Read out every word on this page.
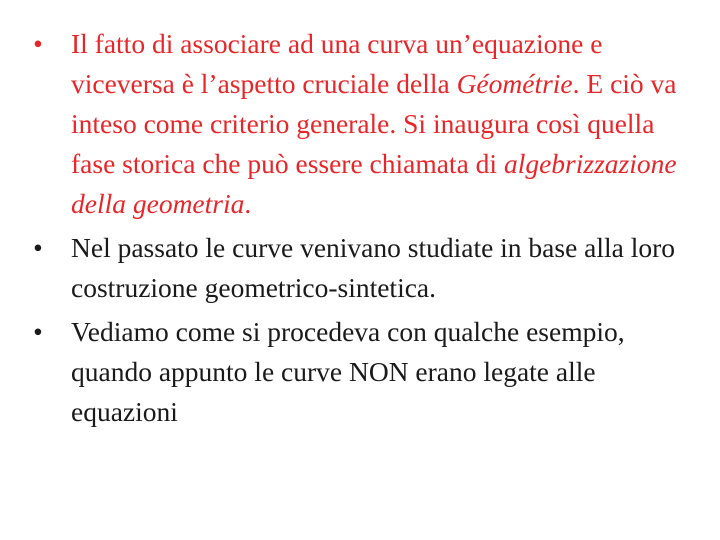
• Il fatto di associare ad una curva un’equazione e viceversa è l’aspetto cruciale della Géométrie. E ciò va inteso come criterio generale. Si inaugura così quella fase storica che può essere chiamata di algebrizzazione della geometria.
• Nel passato le curve venivano studiate in base alla loro costruzione geometrico-sintetica.
• Vediamo come si procedeva con qualche esempio, quando appunto le curve NON erano legate alle equazioni
